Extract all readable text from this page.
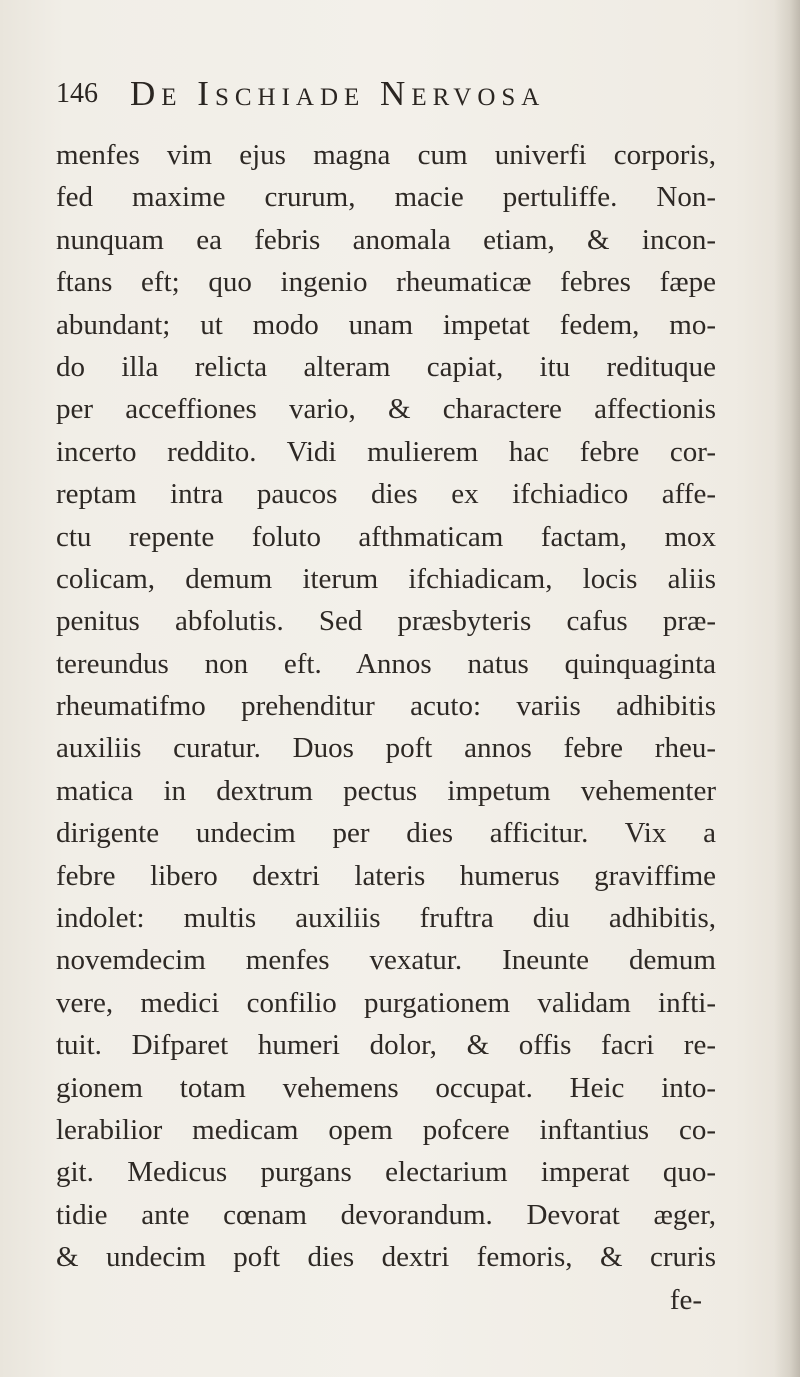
146 De Ischiade Nervosa
menfes vim ejus magna cum univerfi corporis,
fed maxime crurum, macie pertuliffe. Non-
nunquam ea febris anomala etiam, & incon-
ftans eft; quo ingenio rheumaticæ febres fæpe
abundant; ut modo unam impetat fedem, mo-
do illa relicta alteram capiat, itu redituque
per acceffiones vario, & charactere affectionis
incerto reddito. Vidi mulierem hac febre cor-
reptam intra paucos dies ex ifchiadico affe-
ctu repente foluto afthmaticam factam, mox
colicam, demum iterum ifchiadicam, locis aliis
penitus abfolutis. Sed præsbyteris cafus præ-
tereundus non eft. Annos natus quinquaginta
rheumatifmo prehenditur acuto: variis adhibitis
auxiliis curatur. Duos poft annos febre rheu-
matica in dextrum pectus impetum vehementer
dirigente undecim per dies afficitur. Vix a
febre libero dextri lateris humerus graviffime
indolet: multis auxiliis fruftra diu adhibitis,
novemdecim menfes vexatur. Ineunte demum
vere, medici confilio purgationem validam infti-
tuit. Difparet humeri dolor, & offis facri re-
gionem totam vehemens occupat. Heic into-
lerabilior medicam opem pofcere inftantius co-
git. Medicus purgans electarium imperat quo-
tidie ante cœnam devorandum. Devorat æger,
& undecim poft dies dextri femoris, & cruris
fe-
